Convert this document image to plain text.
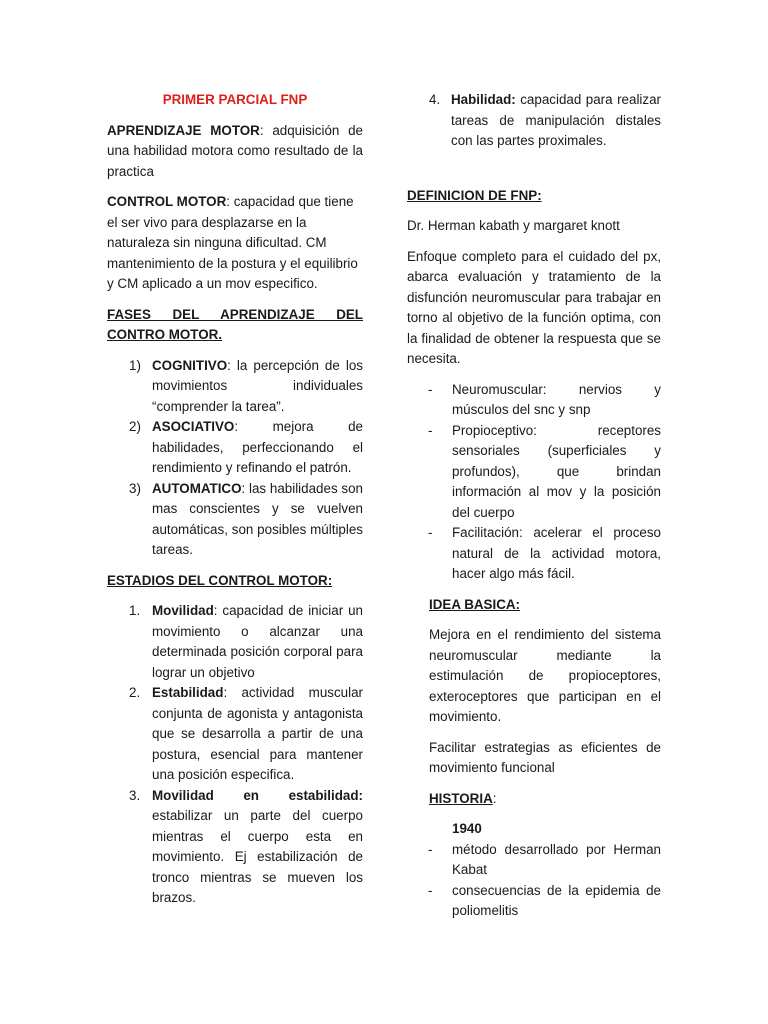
PRIMER PARCIAL FNP

APRENDIZAJE MOTOR: adquisición de una habilidad motora como resultado de la practica

CONTROL MOTOR: capacidad que tiene el ser vivo para desplazarse en la naturaleza sin ninguna dificultad. CM mantenimiento de la postura y el equilibrio y CM aplicado a un mov especifico.

FASES DEL APRENDIZAJE DEL CONTRO MOTOR.

1) COGNITIVO: la percepción de los movimientos individuales “comprender la tarea”.
2) ASOCIATIVO: mejora de habilidades, perfeccionando el rendimiento y refinando el patrón.
3) AUTOMATICO: las habilidades son mas conscientes y se vuelven automáticas, son posibles múltiples tareas.

ESTADIOS DEL CONTROL MOTOR:

1. Movilidad: capacidad de iniciar un movimiento o alcanzar una determinada posición corporal para lograr un objetivo
2. Estabilidad: actividad muscular conjunta de agonista y antagonista que se desarrolla a partir de una postura, esencial para mantener una posición especifica.
3. Movilidad en estabilidad: estabilizar un parte del cuerpo mientras el cuerpo esta en movimiento. Ej estabilización de tronco mientras se mueven los brazos.
4. Habilidad: capacidad para realizar tareas de manipulación distales con las partes proximales.

DEFINICION DE FNP:

Dr. Herman kabath y margaret knott

Enfoque completo para el cuidado del px, abarca evaluación y tratamiento de la disfunción neuromuscular para trabajar en torno al objetivo de la función optima, con la finalidad de obtener la respuesta que se necesita.

- Neuromuscular: nervios y músculos del snc y snp
- Propioceptivo: receptores sensoriales (superficiales y profundos), que brindan información al mov y la posición del cuerpo
- Facilitación: acelerar el proceso natural de la actividad motora, hacer algo más fácil.

IDEA BASICA:

Mejora en el rendimiento del sistema neuromuscular mediante la estimulación de propioceptores, exteroceptores que participan en el movimiento.

Facilitar estrategias as eficientes de movimiento funcional

HISTORIA:

1940

- método desarrollado por Herman Kabat
- consecuencias de la epidemia de poliomelitis
